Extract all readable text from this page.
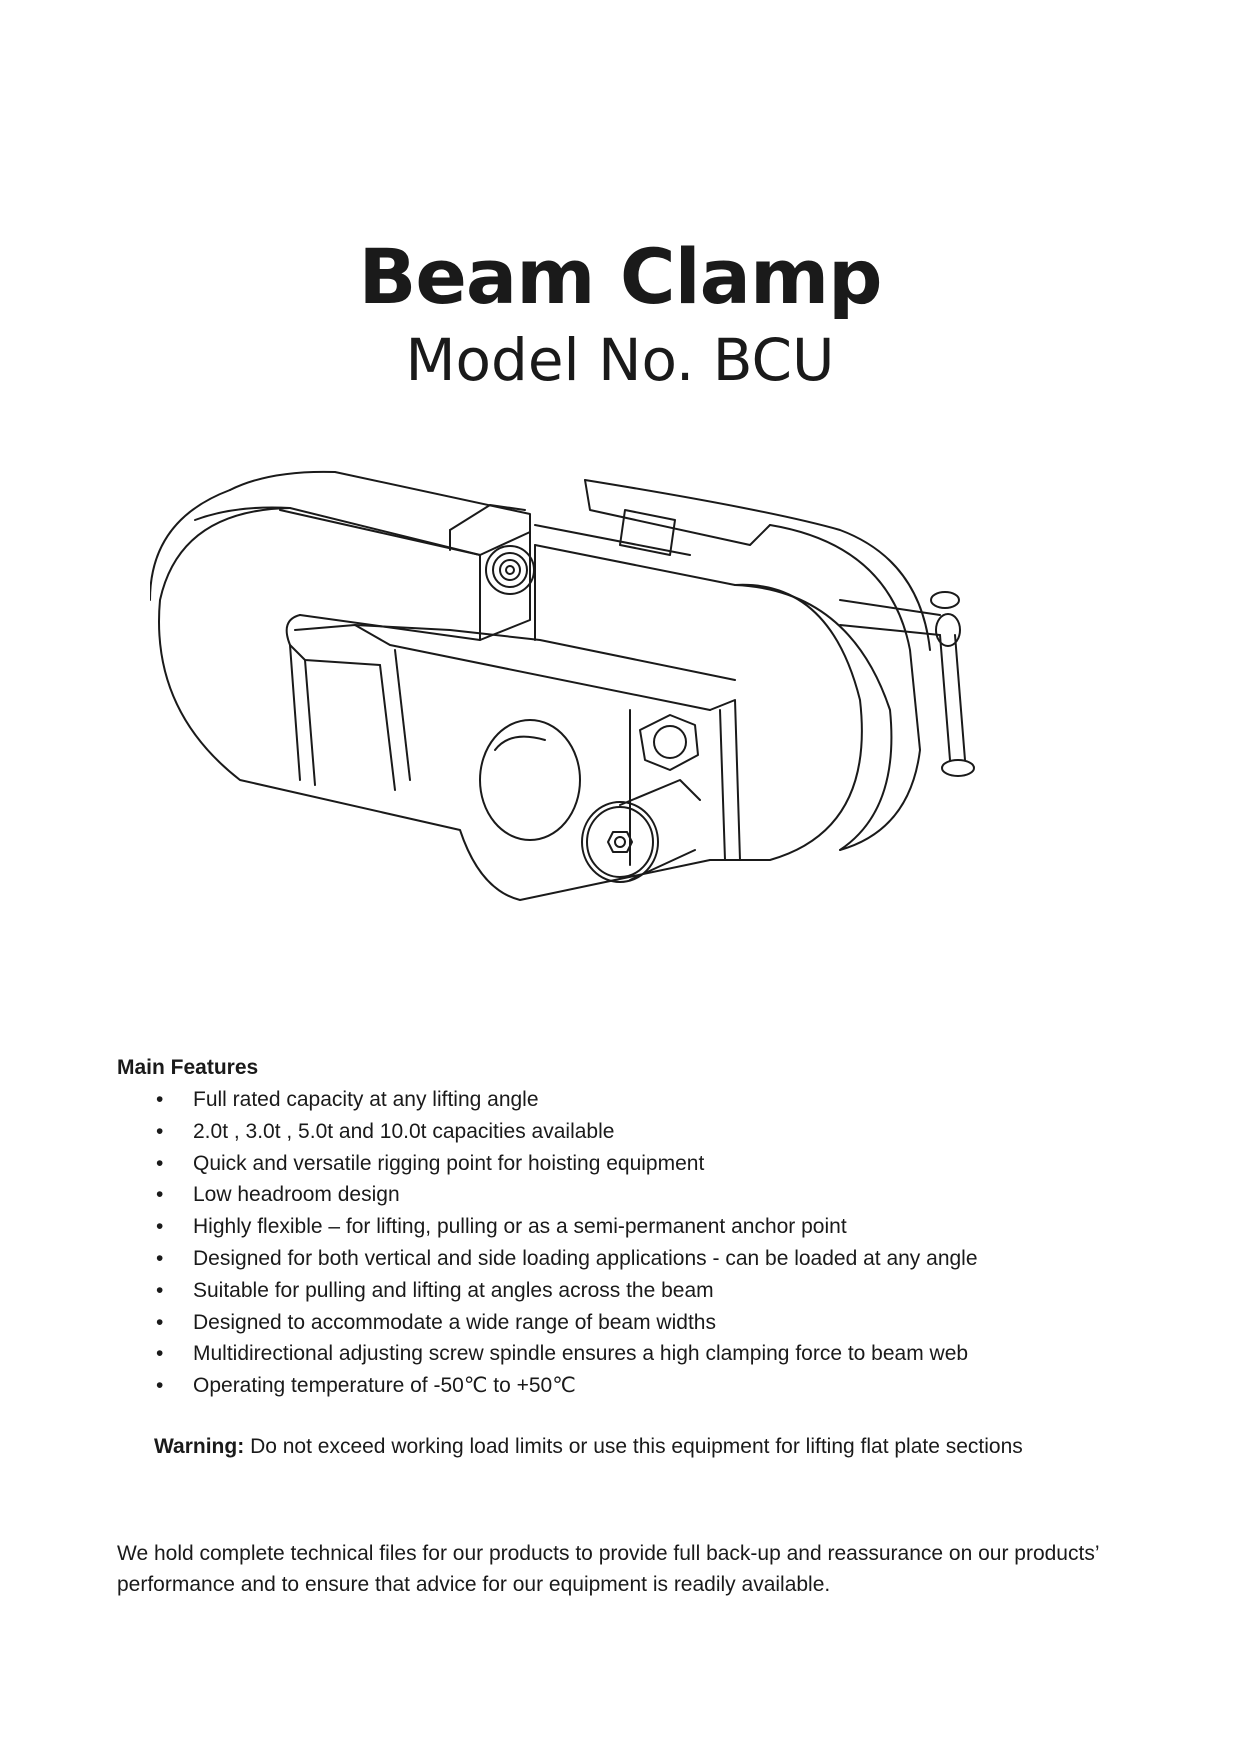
Beam Clamp
Model No. BCU
Main Features
• Full rated capacity at any lifting angle
• 2.0t , 3.0t , 5.0t and 10.0t capacities available
• Quick and versatile rigging point for hoisting equipment
• Low headroom design
• Highly flexible – for lifting, pulling or as a semi-permanent anchor point
• Designed for both vertical and side loading applications - can be loaded at any angle
• Suitable for pulling and lifting at angles across the beam
• Designed to accommodate a wide range of beam widths
• Multidirectional adjusting screw spindle ensures a high clamping force to beam web
• Operating temperature of -50℃ to +50℃
Warning: Do not exceed working load limits or use this equipment for lifting flat plate sections
We hold complete technical files for our products to provide full back-up and reassurance on our products’ performance and to ensure that advice for our equipment is readily available.
